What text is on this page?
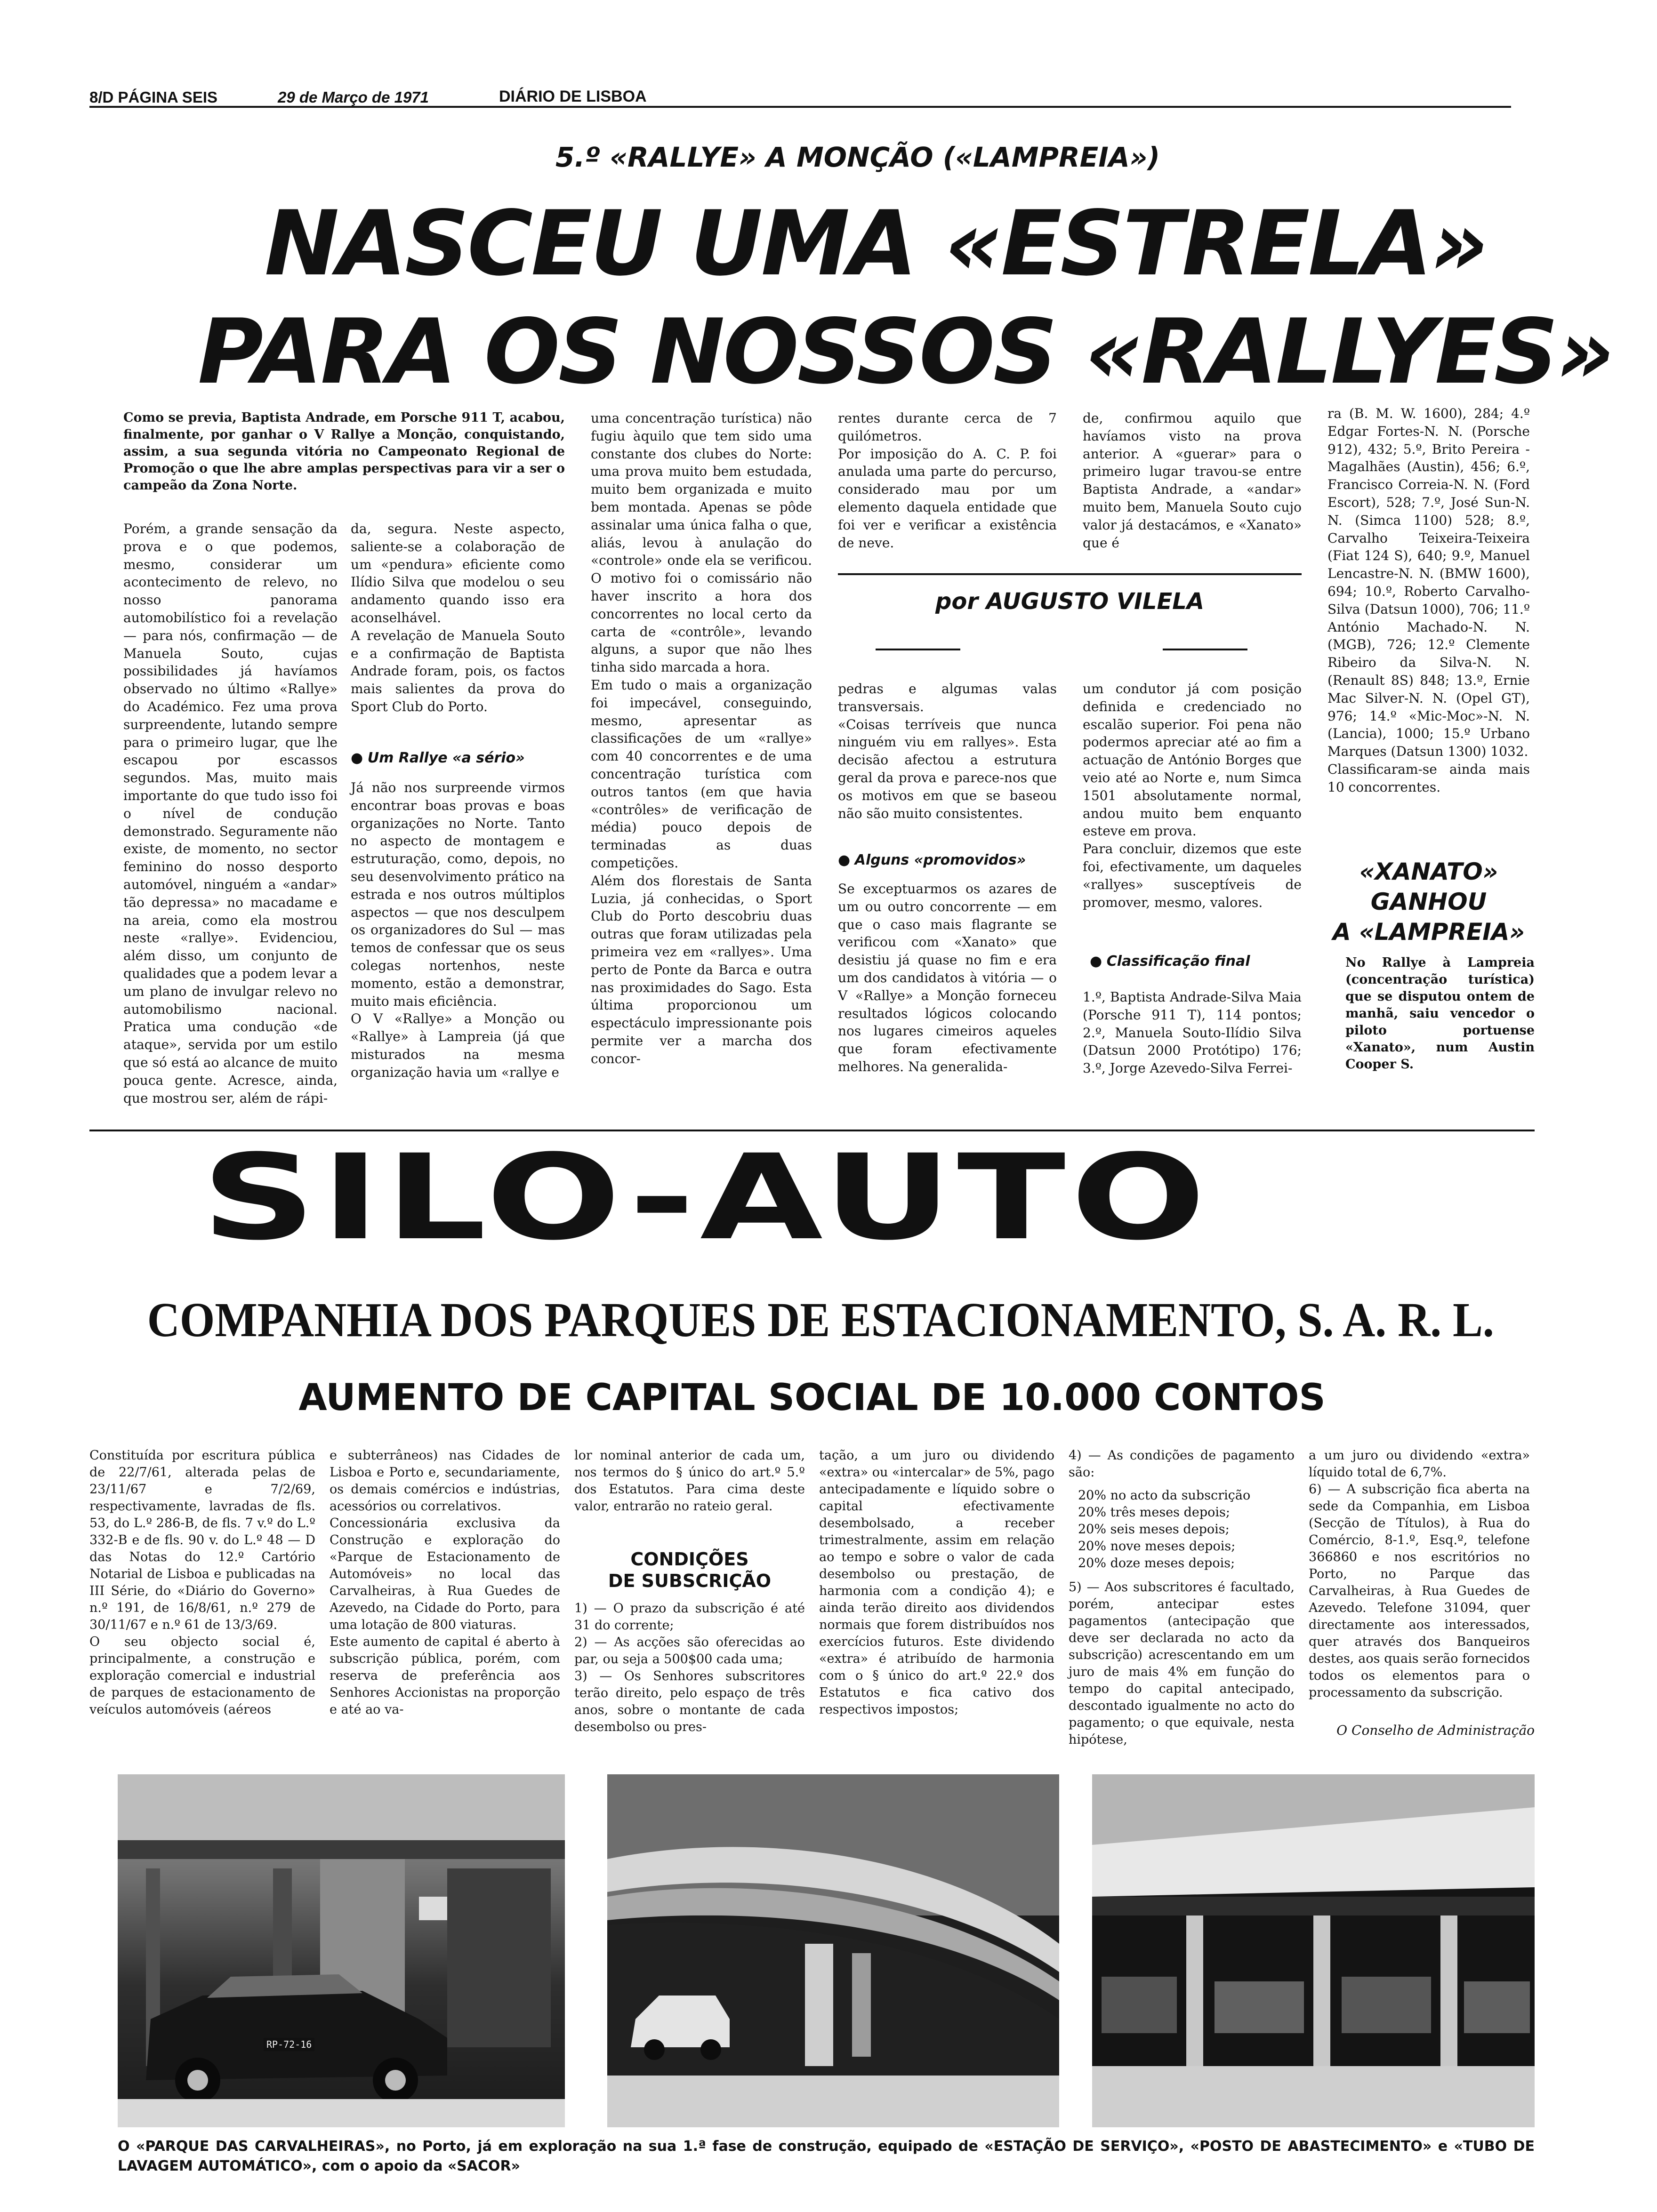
8/D PÁGINA SEIS	29 de Março de 1971	DIÁRIO DE LISBOA
5.º «RALLYE» A MONÇÃO («LAMPREIA»)
NASCEU UMA «ESTRELA»
PARA OS NOSSOS «RALLYES»
Como se previa, Baptista Andrade, em Porsche 911 T, acabou, finalmente, por ganhar o V Rallye a Monção, conquistando, assim, a sua segunda vitória no Campeonato Regional de Promoção o que lhe abre amplas perspectivas para vir a ser o campeão da Zona Norte.
Porém, a grande sensação da prova e o que podemos, mesmo, considerar um acontecimento de relevo, no nosso panorama automobilístico foi a revelação — para nós, confirmação — de Manuela Souto, cujas possibilidades já havíamos observado no último «Rallye» do Académico. Fez uma prova surpreendente, lutando sempre para o primeiro lugar, que lhe escapou por escassos segundos. Mas, muito mais importante do que tudo isso foi o nível de condução demonstrado. Seguramente não existe, de momento, no sector feminino do nosso desporto automóvel, ninguém a «andar» tão depressa» no macadame e na areia, como ela mostrou neste «rallye». Evidenciou, além disso, um conjunto de qualidades que a podem levar a um plano de invulgar relevo no automobilismo nacional. Pratica uma condução «de ataque», servida por um estilo que só está ao alcance de muito pouca gente. Acresce, ainda, que mostrou ser, além de rápi-
da, segura. Neste aspecto, saliente-se a colaboração de um «pendura» eficiente como Ilídio Silva que modelou o seu andamento quando isso era aconselhável.
A revelação de Manuela Souto e a confirmação de Baptista Andrade foram, pois, os factos mais salientes da prova do Sport Club do Porto.
● Um Rallye «a sério»
Já não nos surpreende virmos encontrar boas provas e boas organizações no Norte. Tanto no aspecto de montagem e estruturação, como, depois, no seu desenvolvimento prático na estrada e nos outros múltiplos aspectos — que nos desculpem os organizadores do Sul — mas temos de confessar que os seus colegas nortenhos, neste momento, estão a demonstrar, muito mais eficiência.
O V «Rallye» a Monção ou «Rallye» à Lampreia (já que misturados na mesma organização havia um «rallye e
uma concentração turística) não fugiu àquilo que tem sido uma constante dos clubes do Norte: uma prova muito bem estudada, muito bem organizada e muito bem montada. Apenas se pôde assinalar uma única falha o que, aliás, levou à anulação do «controle» onde ela se verificou. O motivo foi o comissário não haver inscrito a hora dos concorrentes no local certo da carta de «contrôle», levando alguns, a supor que não lhes tinha sido marcada a hora.
Em tudo o mais a organização foi impecável, conseguindo, mesmo, apresentar as classificações de um «rallye» com 40 concorrentes e de uma concentração turística com outros tantos (em que havia «contrôles» de verificação de média) pouco depois de terminadas as duas competições.
Além dos florestais de Santa Luzia, já conhecidas, o Sport Club do Porto descobriu duas outras que forам utilizadas pela primeira vez em «rallyes». Uma perto de Ponte da Barca e outra nas proximidades do Sago. Esta última proporcionou um espectáculo impressionante pois permite ver a marcha dos concor-
rentes durante cerca de 7 quilómetros.
Por imposição do A. C. P. foi anulada uma parte do percurso, considerado mau por um elemento daquela entidade que foi ver e verificar a existência de neve.
de, confirmou aquilo que havíamos visto na prova anterior. A «guerar» para o primeiro lugar travou-se entre Baptista Andrade, a «andar» muito bem, Manuela Souto cujo valor já destacámos, e «Xanato» que é
por AUGUSTO VILELA
pedras e algumas valas transversais.
«Coisas terríveis que nunca ninguém viu em rallyes». Esta decisão afectou a estrutura geral da prova e parece-nos que os motivos em que se baseou não são muito consistentes.
● Alguns «promovidos»
Se exceptuarmos os azares de um ou outro concorrente — em que o caso mais flagrante se verificou com «Xanato» que desistiu já quase no fim e era um dos candidatos à vitória — o V «Rallye» a Monção forneceu resultados lógicos colocando nos lugares cimeiros aqueles que foram efectivamente melhores. Na generalida-
um condutor já com posição definida e credenciado no escalão superior. Foi pena não podermos apreciar até ao fim a actuação de António Borges que veio até ao Norte e, num Simca 1501 absolutamente normal, andou muito bem enquanto esteve em prova.
Para concluir, dizemos que este foi, efectivamente, um daqueles «rallyes» susceptíveis de promover, mesmo, valores.
● Classificação final
1.º, Baptista Andrade-Silva Maia (Porsche 911 T), 114 pontos; 2.º, Manuela Souto-Ilídio Silva (Datsun 2000 Protótipo) 176; 3.º, Jorge Azevedo-Silva Ferrei-
ra (B. M. W. 1600), 284; 4.º Edgar Fortes-N. N. (Porsche 912), 432; 5.º, Brito Pereira - Magalhães (Austin), 456; 6.º, Francisco Correia-N. N. (Ford Escort), 528; 7.º, José Sun-N. N. (Simca 1100) 528; 8.º, Carvalho Teixeira-Teixeira (Fiat 124 S), 640; 9.º, Manuel Lencastre-N. N. (BMW 1600), 694; 10.º, Roberto Carvalho-Silva (Datsun 1000), 706; 11.º António Machado-N. N. (MGB), 726; 12.º Clemente Ribeiro da Silva-N. N. (Renault 8S) 848; 13.º, Ernie Mac Silver-N. N. (Opel GT), 976; 14.º «Mic-Moc»-N. N. (Lancia), 1000; 15.º Urbano Marques (Datsun 1300) 1032.
Classificaram-se ainda mais 10 concorrentes.
«XANATO»
GANHOU
A «LAMPREIA»
No Rallye à Lampreia (concentração turística) que se disputou ontem de manhã, saiu vencedor o piloto portuense «Xanato», num Austin Cooper S.
SILO-AUTO
COMPANHIA DOS PARQUES DE ESTACIONAMENTO, S. A. R. L.
AUMENTO DE CAPITAL SOCIAL DE 10.000 CONTOS
Constituída por escritura pública de 22/7/61, alterada pelas de 23/11/67 e 7/2/69, respectivamente, lavradas de fls. 53, do L.º 286-B, de fls. 7 v.º do L.º 332-B e de fls. 90 v. do L.º 48 — D das Notas do 12.º Cartório Notarial de Lisboa e publicadas na III Série, do «Diário do Governo» n.º 191, de 16/8/61, n.º 279 de 30/11/67 e n.º 61 de 13/3/69.
O seu objecto social é, principalmente, a construção e exploração comercial e industrial de parques de estacionamento de veículos automóveis (aéreos
e subterrâneos) nas Cidades de Lisboa e Porto e, secundariamente, os demais comércios e indústrias, acessórios ou correlativos.
Concessionária exclusiva da Construção e exploração do «Parque de Estacionamento de Automóveis» no local das Carvalheiras, à Rua Guedes de Azevedo, na Cidade do Porto, para uma lotação de 800 viaturas.
Este aumento de capital é aberto à subscrição pública, porém, com reserva de preferência aos Senhores Accionistas na proporção e até ao va-
lor nominal anterior de cada um, nos termos do § único do art.º 5.º dos Estatutos. Para cima deste valor, entrarão no rateio geral.
CONDIÇÕES
DE SUBSCRIÇÃO
1) — O prazo da subscrição é até 31 do corrente;
2) — As acções são oferecidas ao par, ou seja a 500$00 cada uma;
3) — Os Senhores subscritores terão direito, pelo espaço de três anos, sobre o montante de cada desembolso ou pres-
tação, a um juro ou dividendo «extra» ou «intercalar» de 5%, pago antecipadamente e líquido sobre o capital efectivamente desembolsado, a receber trimestralmente, assim em relação ao tempo e sobre o valor de cada desembolso ou prestação, de harmonia com a condição 4); e ainda terão direito aos dividendos normais que forem distribuídos nos exercícios futuros. Este dividendo «extra» é atribuído de harmonia com o § único do art.º 22.º dos Estatutos e fica cativo dos respectivos impostos;
4) — As condições de pagamento são:
20% no acto da subscrição
20% três meses depois;
20% seis meses depois;
20% nove meses depois;
20% doze meses depois;
5) — Aos subscritores é facultado, porém, antecipar estes pagamentos (antecipação que deve ser declarada no acto da subscrição) acrescentando em um juro de mais 4% em função do tempo do capital antecipado, descontado igualmente no acto do pagamento; o que equivale, nesta hipótese,
a um juro ou dividendo «extra» líquido total de 6,7%.
6) — A subscrição fica aberta na sede da Companhia, em Lisboa (Secção de Títulos), à Rua do Comércio, 8-1.º, Esq.º, telefone 366860 e nos escritórios no Porto, no Parque das Carvalheiras, à Rua Guedes de Azevedo. Telefone 31094, quer directamente aos interessados, quer através dos Banqueiros destes, aos quais serão fornecidos todos os elementos para o processamento da subscrição.
O Conselho de Administração
RP-72-16
O «PARQUE DAS CARVALHEIRAS», no Porto, já em exploração na sua 1.ª fase de construção, equipado de «ESTAÇÃO DE SERVIÇO», «POSTO DE ABASTECIMENTO» e «TUBO DE LAVAGEM AUTOMÁTICO», com o apoio da «SACOR»
